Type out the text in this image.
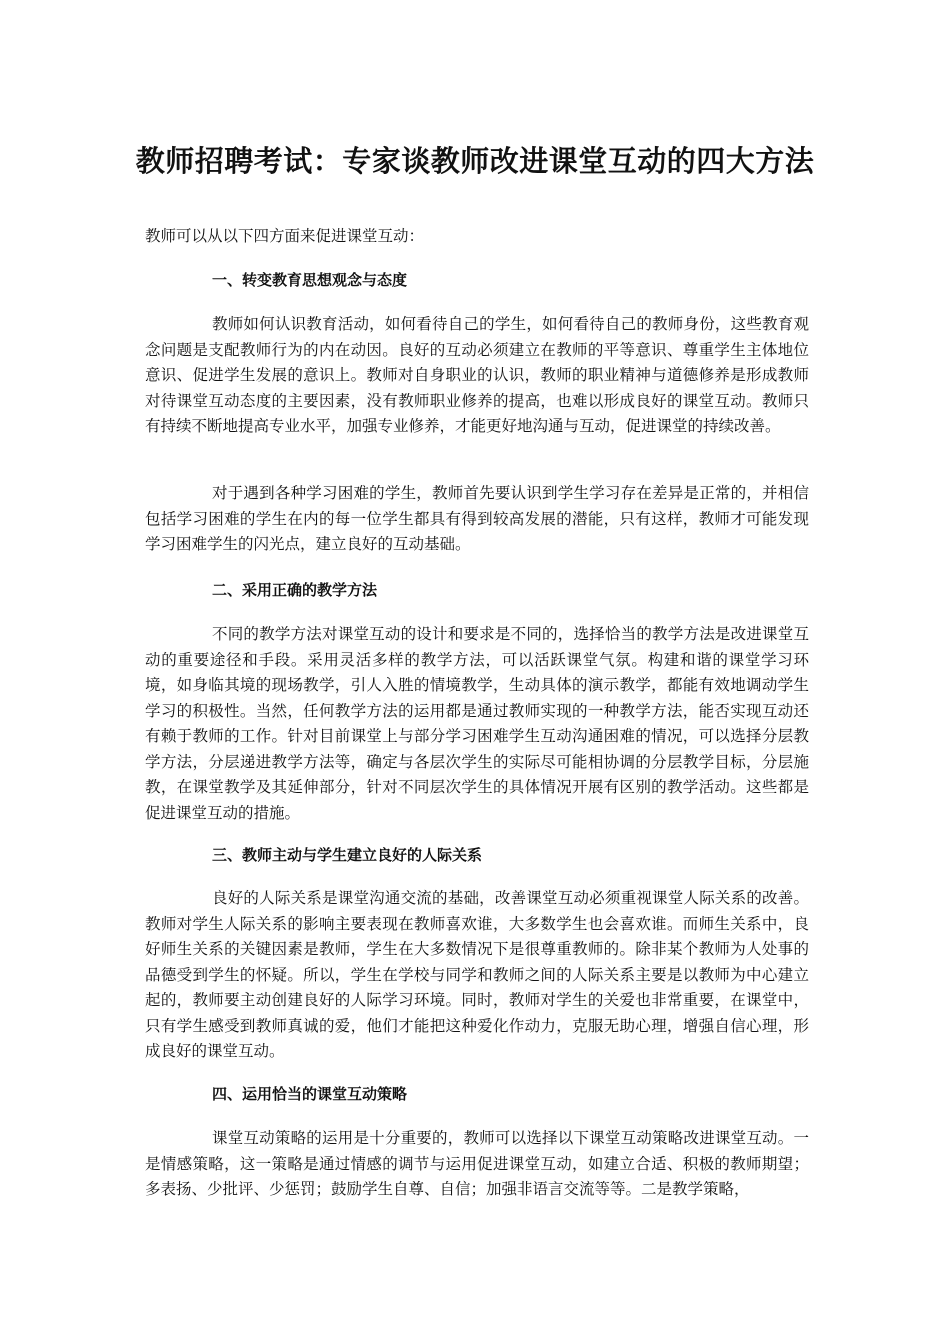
教师招聘考试：专家谈教师改进课堂互动的四大方法

教师可以从以下四方面来促进课堂互动：

一、转变教育思想观念与态度

教师如何认识教育活动，如何看待自己的学生，如何看待自己的教师身份，这些教育观念问题是支配教师行为的内在动因。良好的互动必须建立在教师的平等意识、尊重学生主体地位意识、促进学生发展的意识上。教师对自身职业的认识，教师的职业精神与道德修养是形成教师对待课堂互动态度的主要因素，没有教师职业修养的提高，也难以形成良好的课堂互动。教师只有持续不断地提高专业水平，加强专业修养，才能更好地沟通与互动，促进课堂的持续改善。

对于遇到各种学习困难的学生，教师首先要认识到学生学习存在差异是正常的，并相信包括学习困难的学生在内的每一位学生都具有得到较高发展的潜能，只有这样，教师才可能发现学习困难学生的闪光点，建立良好的互动基础。

二、采用正确的教学方法

不同的教学方法对课堂互动的设计和要求是不同的，选择恰当的教学方法是改进课堂互动的重要途径和手段。采用灵活多样的教学方法，可以活跃课堂气氛。构建和谐的课堂学习环境，如身临其境的现场教学，引人入胜的情境教学，生动具体的演示教学，都能有效地调动学生学习的积极性。当然，任何教学方法的运用都是通过教师实现的一种教学方法，能否实现互动还有赖于教师的工作。针对目前课堂上与部分学习困难学生互动沟通困难的情况，可以选择分层教学方法，分层递进教学方法等，确定与各层次学生的实际尽可能相协调的分层教学目标，分层施教，在课堂教学及其延伸部分，针对不同层次学生的具体情况开展有区别的教学活动。这些都是促进课堂互动的措施。

三、教师主动与学生建立良好的人际关系

良好的人际关系是课堂沟通交流的基础，改善课堂互动必须重视课堂人际关系的改善。教师对学生人际关系的影响主要表现在教师喜欢谁，大多数学生也会喜欢谁。而师生关系中，良好师生关系的关键因素是教师，学生在大多数情况下是很尊重教师的。除非某个教师为人处事的品德受到学生的怀疑。所以，学生在学校与同学和教师之间的人际关系主要是以教师为中心建立起的，教师要主动创建良好的人际学习环境。同时，教师对学生的关爱也非常重要，在课堂中，只有学生感受到教师真诚的爱，他们才能把这种爱化作动力，克服无助心理，增强自信心理，形成良好的课堂互动。

四、运用恰当的课堂互动策略

课堂互动策略的运用是十分重要的，教师可以选择以下课堂互动策略改进课堂互动。一是情感策略，这一策略是通过情感的调节与运用促进课堂互动，如建立合适、积极的教师期望；多表扬、少批评、少惩罚；鼓励学生自尊、自信；加强非语言交流等等。二是教学策略，
